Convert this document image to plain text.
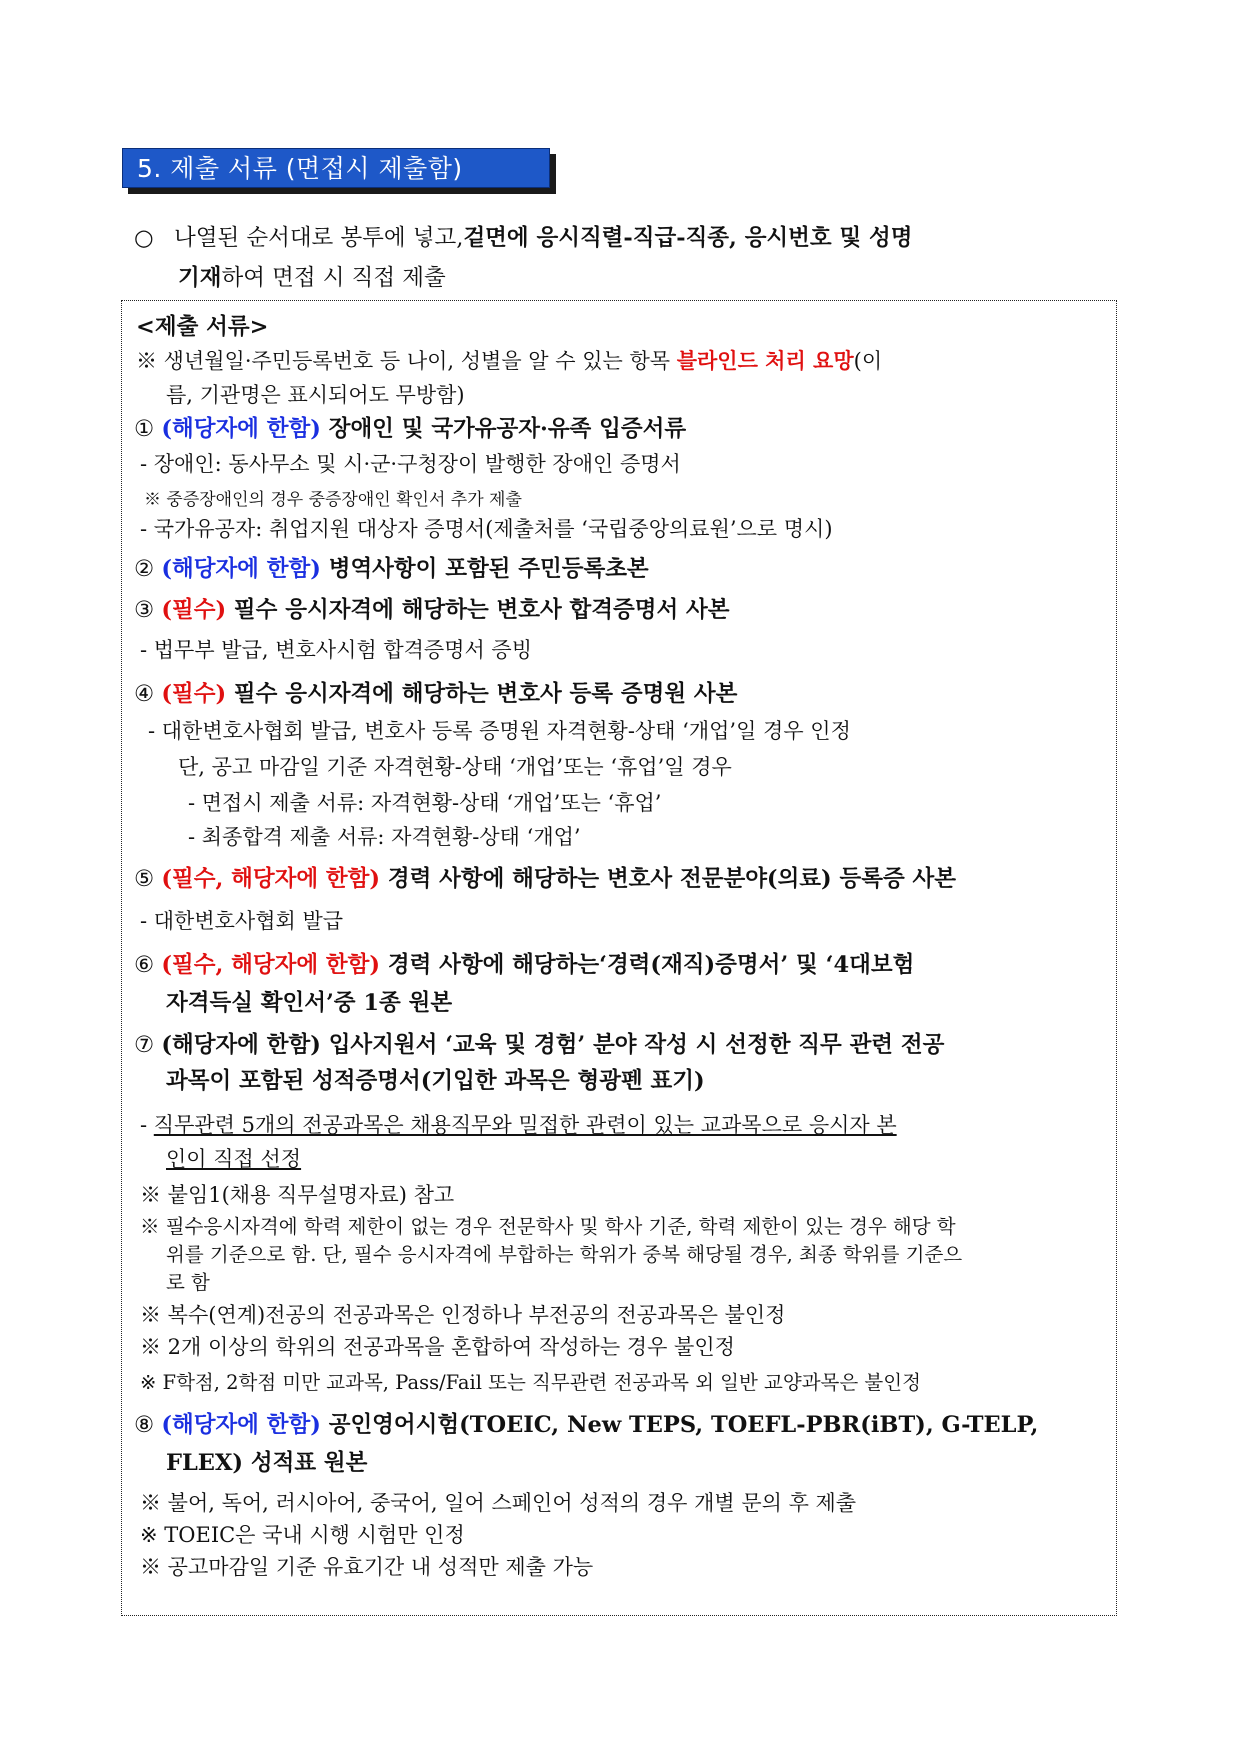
5. 제출 서류 (면접시 제출함)
○ 나열된 순서대로 봉투에 넣고, 겉면에 응시직렬-직급-직종, 응시번호 및 성명
기재하여 면접 시 직접 제출
<제출 서류>
※ 생년월일·주민등록번호 등 나이, 성별을 알 수 있는 항목 블라인드 처리 요망(이
름, 기관명은 표시되어도 무방함)
① (해당자에 한함) 장애인 및 국가유공자·유족 입증서류
- 장애인: 동사무소 및 시·군·구청장이 발행한 장애인 증명서
※ 중증장애인의 경우 중증장애인 확인서 추가 제출
- 국가유공자: 취업지원 대상자 증명서(제출처를 ‘국립중앙의료원’으로 명시)
② (해당자에 한함) 병역사항이 포함된 주민등록초본
③ (필수) 필수 응시자격에 해당하는 변호사 합격증명서 사본
- 법무부 발급, 변호사시험 합격증명서 증빙
④ (필수) 필수 응시자격에 해당하는 변호사 등록 증명원 사본
- 대한변호사협회 발급, 변호사 등록 증명원 자격현황-상태 ‘개업’일 경우 인정
단, 공고 마감일 기준 자격현황-상태 ‘개업’또는 ‘휴업’일 경우
- 면접시 제출 서류: 자격현황-상태 ‘개업’또는 ‘휴업’
- 최종합격 제출 서류: 자격현황-상태 ‘개업’
⑤ (필수, 해당자에 한함) 경력 사항에 해당하는 변호사 전문분야(의료) 등록증 사본
- 대한변호사협회 발급
⑥ (필수, 해당자에 한함) 경력 사항에 해당하는‘경력(재직)증명서’ 및 ‘4대보험
자격득실 확인서’중 1종 원본
⑦ (해당자에 한함) 입사지원서 ‘교육 및 경험’ 분야 작성 시 선정한 직무 관련 전공
과목이 포함된 성적증명서(기입한 과목은 형광펜 표기)
- 직무관련 5개의 전공과목은 채용직무와 밀접한 관련이 있는 교과목으로 응시자 본
인이 직접 선정
※ 붙임1(채용 직무설명자료) 참고
※ 필수응시자격에 학력 제한이 없는 경우 전문학사 및 학사 기준, 학력 제한이 있는 경우 해당 학
위를 기준으로 함. 단, 필수 응시자격에 부합하는 학위가 중복 해당될 경우, 최종 학위를 기준으
로 함
※ 복수(연계)전공의 전공과목은 인정하나 부전공의 전공과목은 불인정
※ 2개 이상의 학위의 전공과목을 혼합하여 작성하는 경우 불인정
※ F학점, 2학점 미만 교과목, Pass/Fail 또는 직무관련 전공과목 외 일반 교양과목은 불인정
⑧ (해당자에 한함) 공인영어시험(TOEIC, New TEPS, TOEFL-PBR(iBT), G-TELP,
FLEX) 성적표 원본
※ 불어, 독어, 러시아어, 중국어, 일어 스페인어 성적의 경우 개별 문의 후 제출
※ TOEIC은 국내 시행 시험만 인정
※ 공고마감일 기준 유효기간 내 성적만 제출 가능
